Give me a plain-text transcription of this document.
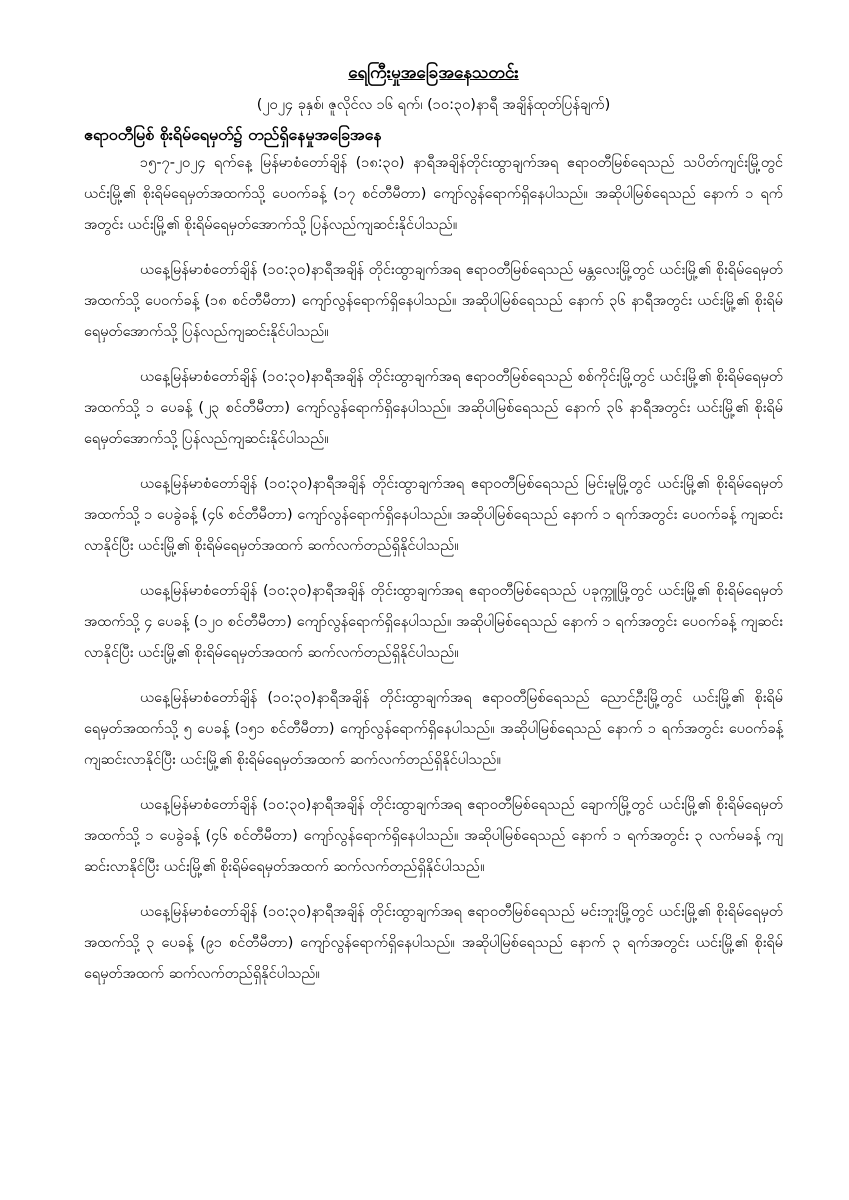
ရေကြီးမှုအခြေအနေသတင်း
(၂၀၂၄ ခုနှစ်၊ ဇူလိုင်လ ၁၆ ရက်၊ (၁၀:၃၀)နာရီ အချိန်ထုတ်ပြန်ချက်)
ဧရာဝတီမြစ် စိုးရိမ်ရေမှတ်၌ တည်ရှိနေမှုအခြေအနေ

၁၅-၇-၂၀၂၄ ရက်နေ့ မြန်မာစံတော်ချိန် (၁၈:၃၀) နာရီအချိန်တိုင်းထွာချက်အရ ဧရာဝတီမြစ်ရေသည် သပိတ်ကျင်းမြို့တွင် ယင်းမြို့၏ စိုးရိမ်ရေမှတ်အထက်သို့ ပေ၀က်ခန့် (၁၇ စင်တီမီတာ) ကျော်လွန်ရောက်ရှိနေပါသည်။ အဆိုပါမြစ်ရေသည် နောက် ၁ ရက်အတွင်း ယင်းမြို့၏ စိုးရိမ်ရေမှတ်အောက်သို့ ပြန်လည်ကျဆင်းနိုင်ပါသည်။

ယနေ့မြန်မာစံတော်ချိန် (၁၀:၃၀)နာရီအချိန် တိုင်းထွာချက်အရ ဧရာဝတီမြစ်ရေသည် မန္တလေးမြို့တွင် ယင်းမြို့၏ စိုးရိမ်ရေမှတ်အထက်သို့ ပေ၀က်ခန့် (၁၈ စင်တီမီတာ) ကျော်လွန်ရောက်ရှိနေပါသည်။ အဆိုပါမြစ်ရေသည် နောက် ၃၆ နာရီအတွင်း ယင်းမြို့၏ စိုးရိမ်ရေမှတ်အောက်သို့ ပြန်လည်ကျဆင်းနိုင်ပါသည်။

ယနေ့မြန်မာစံတော်ချိန် (၁၀:၃၀)နာရီအချိန် တိုင်းထွာချက်အရ ဧရာဝတီမြစ်ရေသည် စစ်ကိုင်းမြို့တွင် ယင်းမြို့၏ စိုးရိမ်ရေမှတ်အထက်သို့ ၁ ပေခန့် (၂၃ စင်တီမီတာ) ကျော်လွန်ရောက်ရှိနေပါသည်။ အဆိုပါမြစ်ရေသည် နောက် ၃၆ နာရီအတွင်း ယင်းမြို့၏ စိုးရိမ်ရေမှတ်အောက်သို့ ပြန်လည်ကျဆင်းနိုင်ပါသည်။

ယနေ့မြန်မာစံတော်ချိန် (၁၀:၃၀)နာရီအချိန် တိုင်းထွာချက်အရ ဧရာဝတီမြစ်ရေသည် မြင်းမူမြို့တွင် ယင်းမြို့၏ စိုးရိမ်ရေမှတ်အထက်သို့ ၁ ပေခွဲခန့် (၄၆ စင်တီမီတာ) ကျော်လွန်ရောက်ရှိနေပါသည်။ အဆိုပါမြစ်ရေသည် နောက် ၁ ရက်အတွင်း ပေ၀က်ခန့် ကျဆင်းလာနိုင်ပြီး ယင်းမြို့၏ စိုးရိမ်ရေမှတ်အထက် ဆက်လက်တည်ရှိနိုင်ပါသည်။

ယနေ့မြန်မာစံတော်ချိန် (၁၀:၃၀)နာရီအချိန် တိုင်းထွာချက်အရ ဧရာဝတီမြစ်ရေသည် ပခုက္ကူမြို့တွင် ယင်းမြို့၏ စိုးရိမ်ရေမှတ်အထက်သို့ ၄ ပေခန့် (၁၂၀ စင်တီမီတာ) ကျော်လွန်ရောက်ရှိနေပါသည်။ အဆိုပါမြစ်ရေသည် နောက် ၁ ရက်အတွင်း ပေ၀က်ခန့် ကျဆင်းလာနိုင်ပြီး ယင်းမြို့၏ စိုးရိမ်ရေမှတ်အထက် ဆက်လက်တည်ရှိနိုင်ပါသည်။

ယနေ့မြန်မာစံတော်ချိန် (၁၀:၃၀)နာရီအချိန် တိုင်းထွာချက်အရ ဧရာဝတီမြစ်ရေသည် ညောင်ဦးမြို့တွင် ယင်းမြို့၏ စိုးရိမ်ရေမှတ်အထက်သို့ ၅ ပေခန့် (၁၅၁ စင်တီမီတာ) ကျော်လွန်ရောက်ရှိနေပါသည်။ အဆိုပါမြစ်ရေသည် နောက် ၁ ရက်အတွင်း ပေ၀က်ခန့် ကျဆင်းလာနိုင်ပြီး ယင်းမြို့၏ စိုးရိမ်ရေမှတ်အထက် ဆက်လက်တည်ရှိနိုင်ပါသည်။

ယနေ့မြန်မာစံတော်ချိန် (၁၀:၃၀)နာရီအချိန် တိုင်းထွာချက်အရ ဧရာဝတီမြစ်ရေသည် ချောက်မြို့တွင် ယင်းမြို့၏ စိုးရိမ်ရေမှတ်အထက်သို့ ၁ ပေခွဲခန့် (၄၆ စင်တီမီတာ) ကျော်လွန်ရောက်ရှိနေပါသည်။ အဆိုပါမြစ်ရေသည် နောက် ၁ ရက်အတွင်း ၃ လက်မခန့် ကျဆင်းလာနိုင်ပြီး ယင်းမြို့၏ စိုးရိမ်ရေမှတ်အထက် ဆက်လက်တည်ရှိနိုင်ပါသည်။

ယနေ့မြန်မာစံတော်ချိန် (၁၀:၃၀)နာရီအချိန် တိုင်းထွာချက်အရ ဧရာဝတီမြစ်ရေသည် မင်းဘူးမြို့တွင် ယင်းမြို့၏ စိုးရိမ်ရေမှတ်အထက်သို့ ၃ ပေခန့် (၉၁ စင်တီမီတာ) ကျော်လွန်ရောက်ရှိနေပါသည်။ အဆိုပါမြစ်ရေသည် နောက် ၃ ရက်အတွင်း ယင်းမြို့၏ စိုးရိမ်ရေမှတ်အထက် ဆက်လက်တည်ရှိနိုင်ပါသည်။
